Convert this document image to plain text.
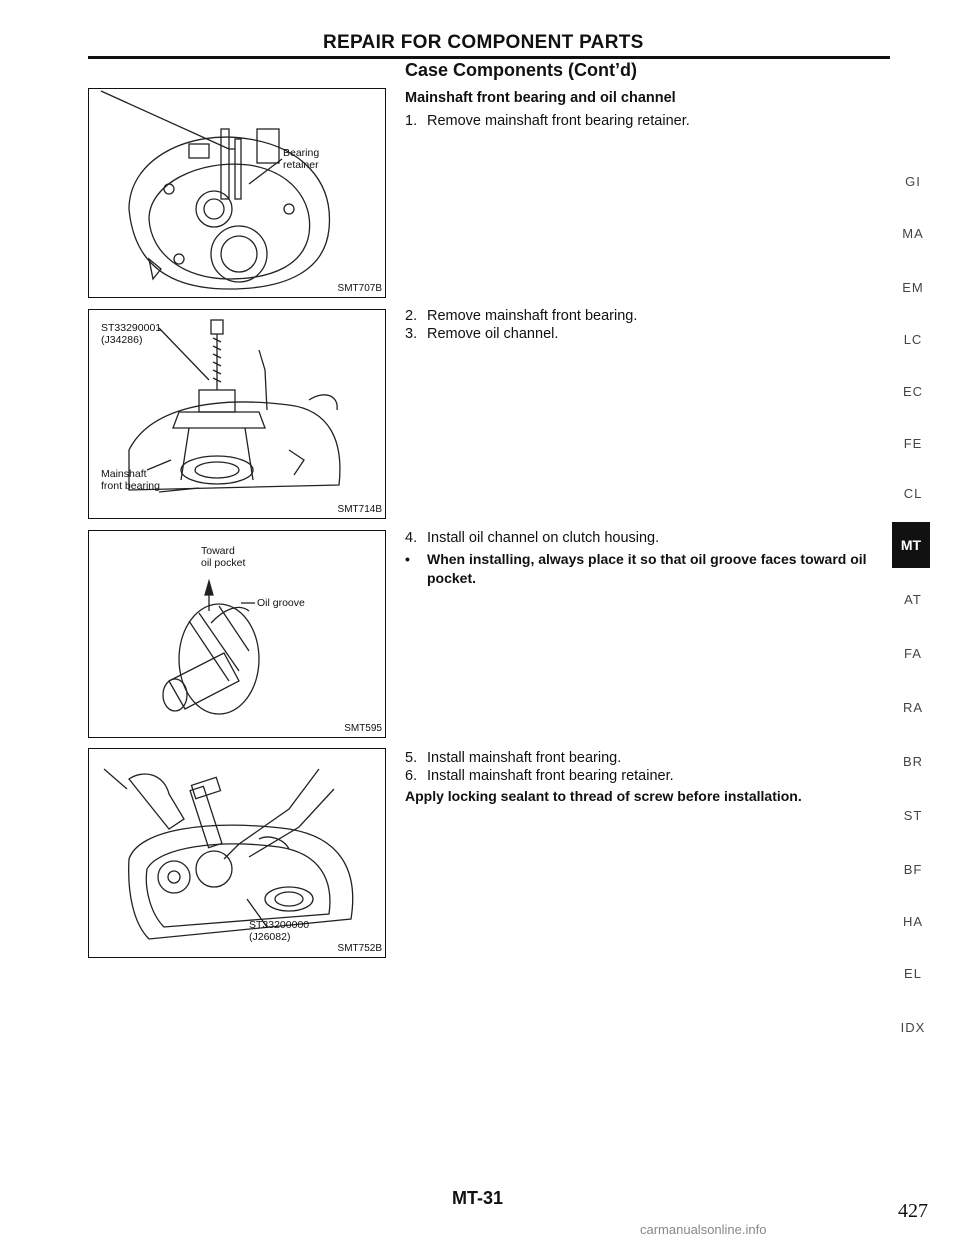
REPAIR FOR COMPONENT PARTS
Case Components (Cont’d)
Mainshaft front bearing and oil channel
1. Remove mainshaft front bearing retainer.
2. Remove mainshaft front bearing.
3. Remove oil channel.
4. Install oil channel on clutch housing.
• When installing, always place it so that oil groove faces toward oil pocket.
5. Install mainshaft front bearing.
6. Install mainshaft front bearing retainer.
Apply locking sealant to thread of screw before installation.
Bearing
retainer
SMT707B
ST33290001
(J34286)
Mainshaft
front bearing
SMT714B
Toward
oil pocket
Oil groove
SMT595
ST33200000
(J26082)
SMT752B
GI
MA
EM
LC
EC
FE
CL
AT
FA
RA
BR
ST
BF
HA
EL
IDX
MT
MT-31
427
carmanualsonline.info
